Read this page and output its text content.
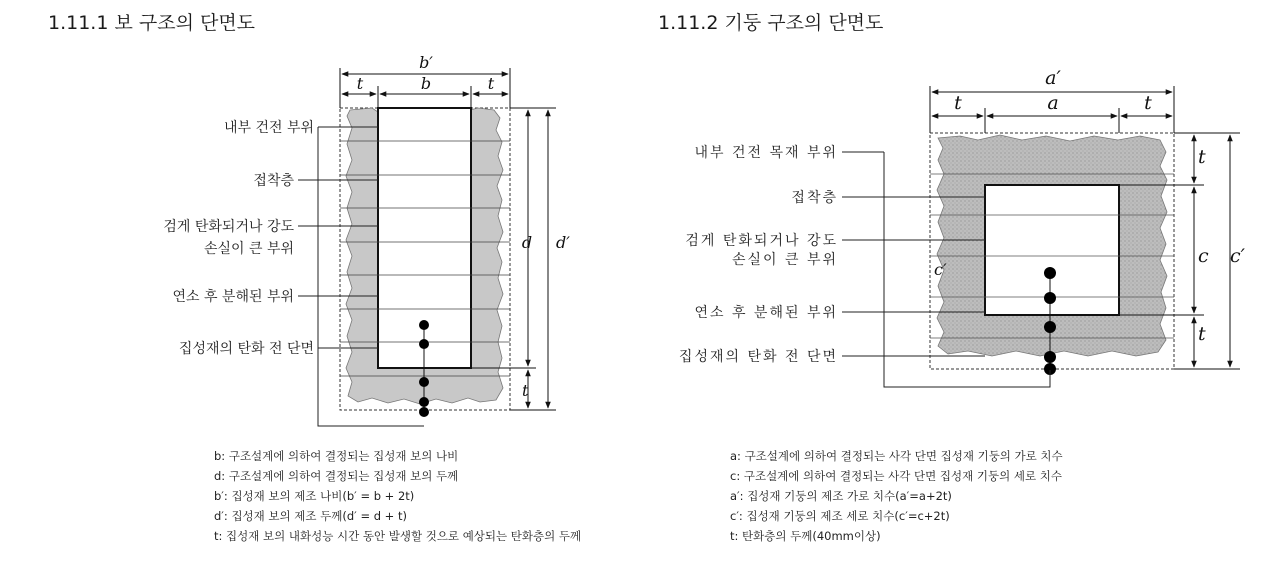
1.11.1 보 구조의 단면도	1.11.2 기둥 구조의 단면도
내부 건전 부위
접착층
검게 탄화되거나 강도
손실이 큰 부위
연소 후 분해된 부위
집성재의 탄화 전 단면
b′
t	b	t
d d′
t
내부 건전 목재 부위
접착층
검게 탄화되거나 강도
손실이 큰 부위
연소 후 분해된 부위
집성재의 탄화 전 단면
a′
t	a	t
t
c c′
t
c′
b: 구조설계에 의하여 결정되는 집성재 보의 나비
d: 구조설계에 의하여 결정되는 집성재 보의 두께
b′: 집성재 보의 제조 나비(b′ = b + 2t)
d′: 집성재 보의 제조 두께(d′ = d + t)
t: 집성재 보의 내화성능 시간 동안 발생할 것으로 예상되는 탄화층의 두께
a: 구조설계에 의하여 결정되는 사각 단면 집성재 기둥의 가로 치수
c: 구조설계에 의하여 결정되는 사각 단면 집성재 기둥의 세로 치수
a′: 집성재 기둥의 제조 가로 치수(a′=a+2t)
c′: 집성재 기둥의 제조 세로 치수(c′=c+2t)
t: 탄화층의 두께(40mm이상)
